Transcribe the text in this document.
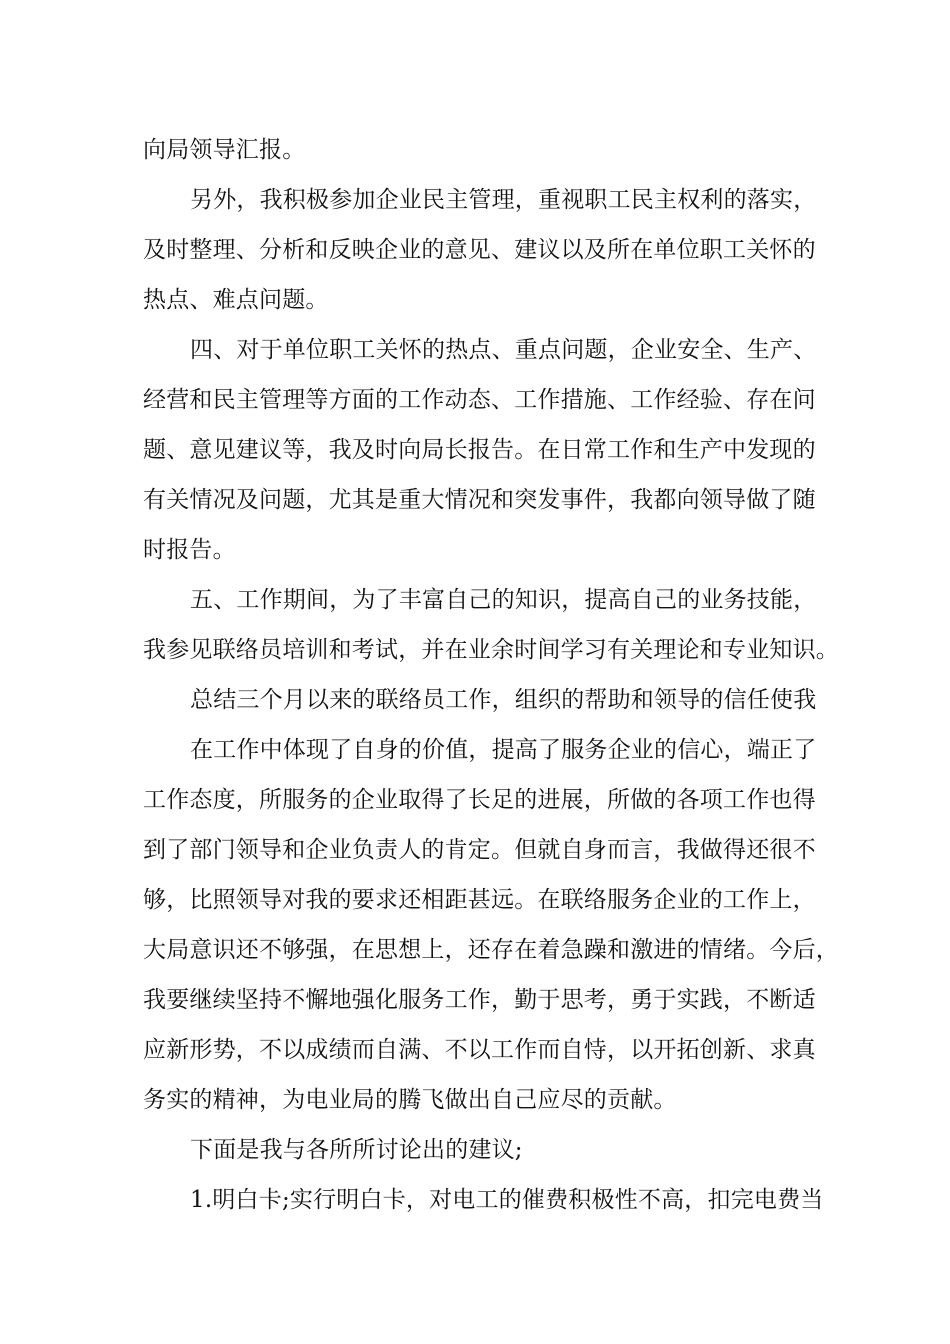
向局领导汇报。

另外，我积极参加企业民主管理，重视职工民主权利的落实，

及时整理、分析和反映企业的意见、建议以及所在单位职工关怀的

热点、难点问题。

四、对于单位职工关怀的热点、重点问题，企业安全、生产、

经营和民主管理等方面的工作动态、工作措施、工作经验、存在问

题、意见建议等，我及时向局长报告。在日常工作和生产中发现的

有关情况及问题，尤其是重大情况和突发事件，我都向领导做了随

时报告。

五、工作期间，为了丰富自己的知识，提高自己的业务技能，

我参见联络员培训和考试，并在业余时间学习有关理论和专业知识。

总结三个月以来的联络员工作，组织的帮助和领导的信任使我

在工作中体现了自身的价值，提高了服务企业的信心，端正了

工作态度，所服务的企业取得了长足的进展，所做的各项工作也得

到了部门领导和企业负责人的肯定。但就自身而言，我做得还很不

够，比照领导对我的要求还相距甚远。在联络服务企业的工作上，

大局意识还不够强，在思想上，还存在着急躁和激进的情绪。今后，

我要继续坚持不懈地强化服务工作，勤于思考，勇于实践，不断适

应新形势，不以成绩而自满、不以工作而自恃，以开拓创新、求真

务实的精神，为电业局的腾飞做出自己应尽的贡献。

下面是我与各所所讨论出的建议;

1.明白卡;实行明白卡，对电工的催费积极性不高，扣完电费当
